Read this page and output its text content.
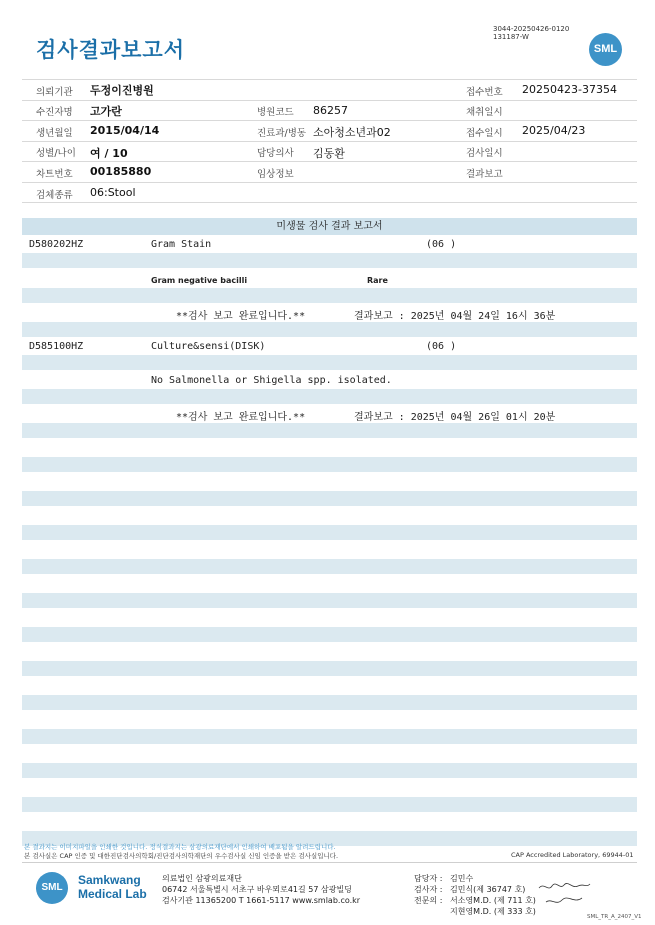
검사결과보고서
3044-20250426-0120
131187-W
SML
의뢰기관 두정이진병원	접수번호 20250423-37354
수진자명 고가란	병원코드 86257	채취일시
생년월일 2015/04/14	진료과/병동 소아청소년과02	접수일시 2025/04/23
성별/나이 여 / 10	담당의사 김동환	검사일시
차트번호 00185880	임상정보	결과보고
검체종류 06:Stool
미생물 검사 결과 보고서
D580202HZ	Gram Stain	(06 )
Gram negative bacilli	Rare
**검사 보고 완료입니다.**	결과보고 : 2025년 04월 24일 16시 36분
D585100HZ	Culture&sensi(DISK)	(06 )
No Salmonella or Shigella spp. isolated.
**검사 보고 완료입니다.**	결과보고 : 2025년 04월 26일 01시 20분
본 결과지는 이미지파일을 인쇄한 것입니다. 정식결과지는 삼광의료재단에서 인쇄하여 배포됨을 알려드립니다.
본 검사실은 CAP 인증 및 대한진단검사의학회/진단검사의학재단의 우수검사실 신임 인증을 받은 검사실입니다.	CAP Accredited Laboratory, 69944-01
SML
Samkwang
Medical Lab
의료법인 삼광의료재단
06742 서울특별시 서초구 바우뫼로41길 57 삼광빌딩
검사기관 11365200 T 1661-5117 www.smlab.co.kr
담당자 : 김민수
검사자 : 김민식(제 36747 호)
전문의 : 서소영M.D. (제 711 호)
지현영M.D. (제 333 호)
SML_TR_A_2407_V1
